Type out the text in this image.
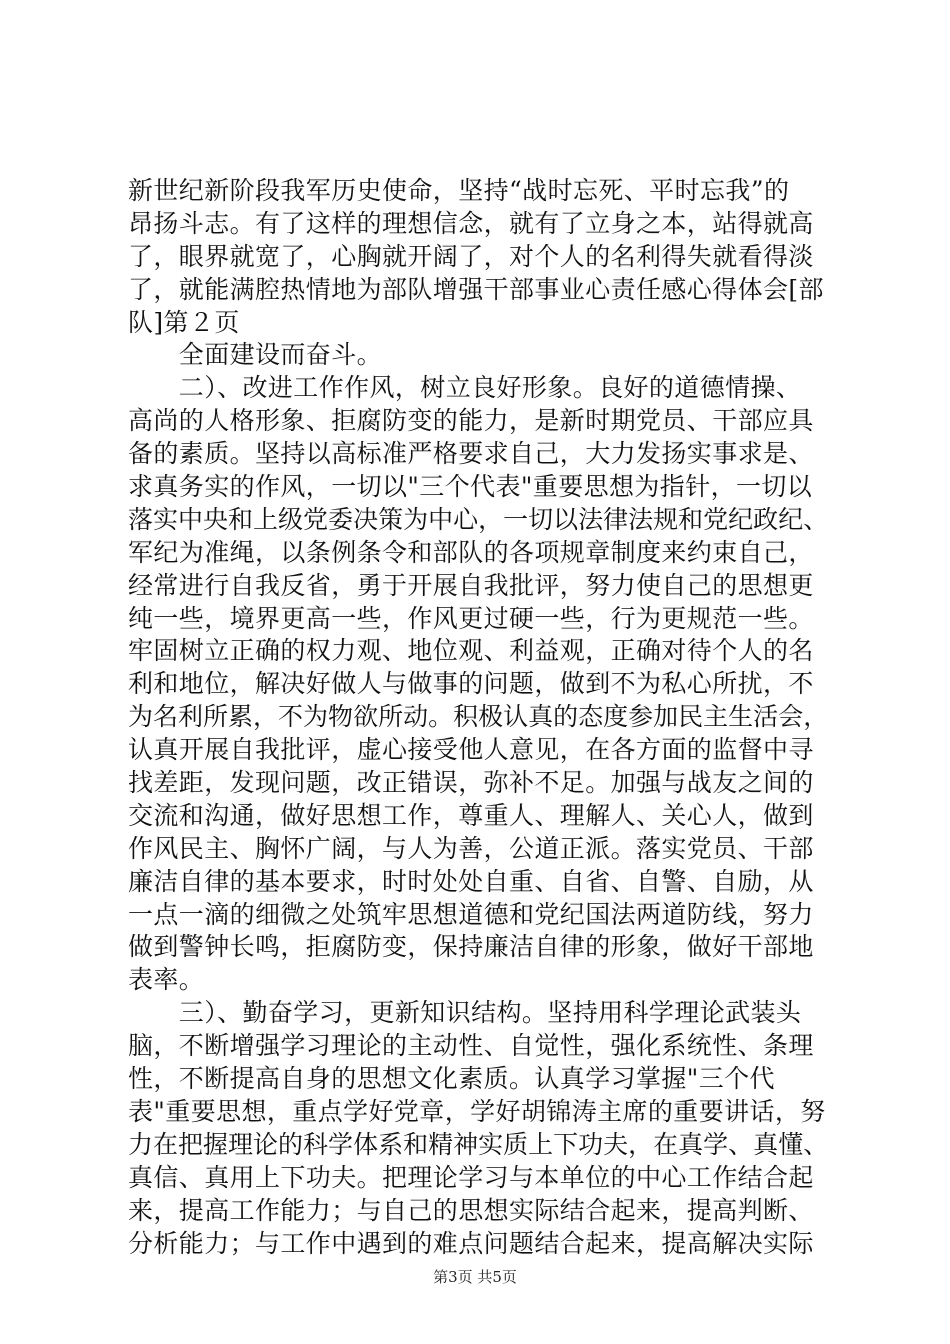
新世纪新阶段我军历史使命，坚持“战时忘死、平时忘我”的
昂扬斗志。有了这样的理想信念，就有了立身之本，站得就高
了，眼界就宽了，心胸就开阔了，对个人的名利得失就看得淡
了，就能满腔热情地为部队增强干部事业心责任感心得体会[部
队]第２页
　　全面建设而奋斗。
　　二）、改进工作作风，树立良好形象。良好的道德情操、
高尚的人格形象、拒腐防变的能力，是新时期党员、干部应具
备的素质。坚持以高标准严格要求自己，大力发扬实事求是、
求真务实的作风，一切以"三个代表"重要思想为指针，一切以
落实中央和上级党委决策为中心，一切以法律法规和党纪政纪、
军纪为准绳，以条例条令和部队的各项规章制度来约束自己，
经常进行自我反省，勇于开展自我批评，努力使自己的思想更
纯一些，境界更高一些，作风更过硬一些，行为更规范一些。
牢固树立正确的权力观、地位观、利益观，正确对待个人的名
利和地位，解决好做人与做事的问题，做到不为私心所扰，不
为名利所累，不为物欲所动。积极认真的态度参加民主生活会，
认真开展自我批评，虚心接受他人意见，在各方面的监督中寻
找差距，发现问题，改正错误，弥补不足。加强与战友之间的
交流和沟通，做好思想工作，尊重人、理解人、关心人，做到
作风民主、胸怀广阔，与人为善，公道正派。落实党员、干部
廉洁自律的基本要求，时时处处自重、自省、自警、自励，从
一点一滴的细微之处筑牢思想道德和党纪国法两道防线，努力
做到警钟长鸣，拒腐防变，保持廉洁自律的形象，做好干部地
表率。
　　三）、勤奋学习，更新知识结构。坚持用科学理论武装头
脑，不断增强学习理论的主动性、自觉性，强化系统性、条理
性，不断提高自身的思想文化素质。认真学习掌握"三个代
表"重要思想，重点学好党章，学好胡锦涛主席的重要讲话，努
力在把握理论的科学体系和精神实质上下功夫，在真学、真懂、
真信、真用上下功夫。把理论学习与本单位的中心工作结合起
来，提高工作能力；与自己的思想实际结合起来，提高判断、
分析能力；与工作中遇到的难点问题结合起来，提高解决实际
第3页 共5页
